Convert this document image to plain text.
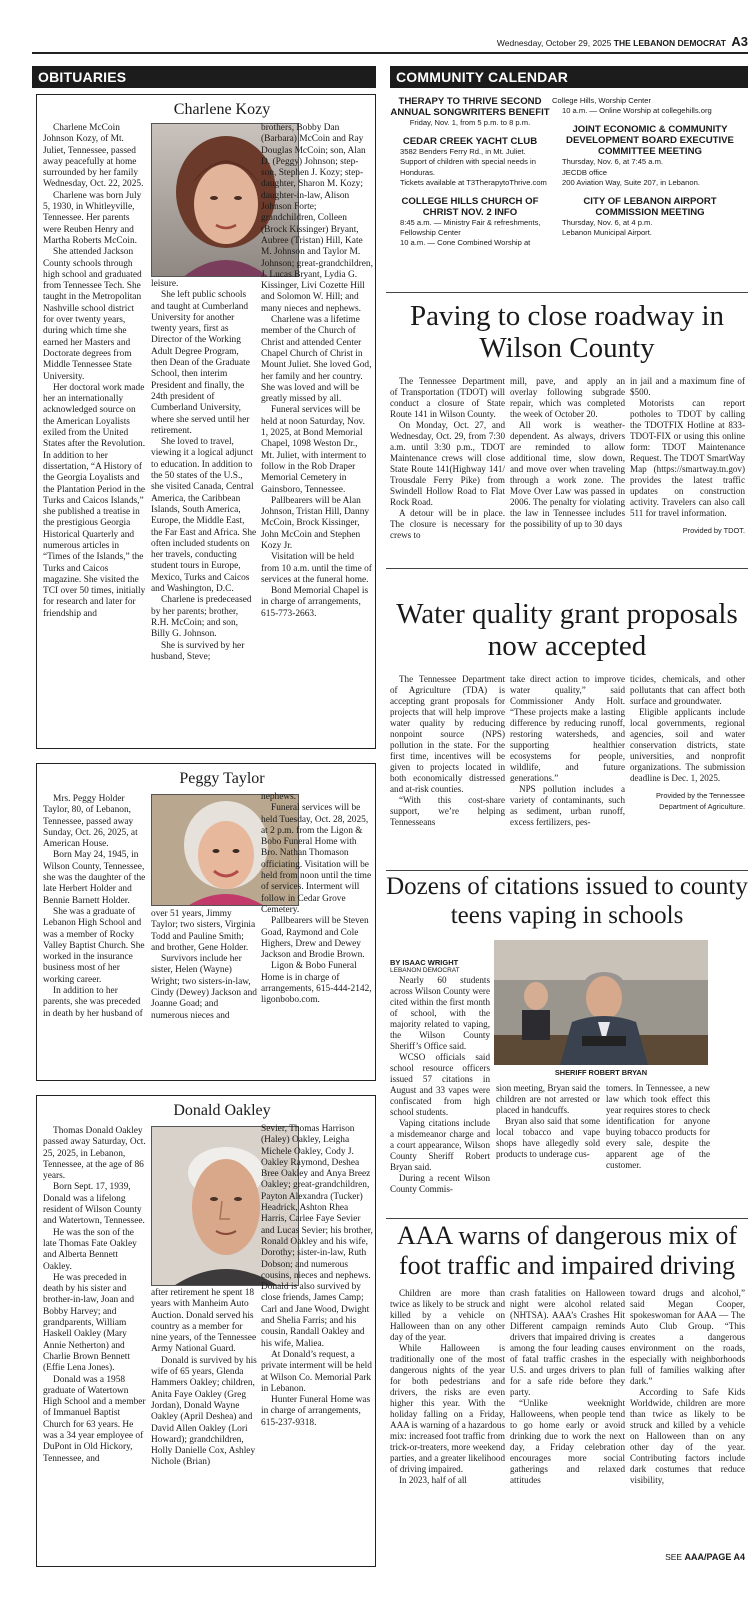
Wednesday, October 29, 2025 THE LEBANON DEMOCRAT A3
OBITUARIES	COMMUNITY CALENDAR
Charlene Kozy

Charlene McCoin Johnson Kozy, of Mt. Juliet, Tennessee, passed away peacefully at home surrounded by her family Wednesday, Oct. 22, 2025.

Charlene was born July 5, 1930, in Whitleyville, Tennessee. Her parents were Reuben Henry and Martha Roberts McCoin.

She attended Jackson County schools through high school and graduated from Tennessee Tech. She taught in the Metropolitan Nashville school district for over twenty years, during which time she earned her Masters and Doctorate degrees from Middle Tennessee State University.

Her doctoral work made her an internationally acknowledged source on the American Loyalists exiled from the United States after the Revolution. In addition to her dissertation, “A History of the Georgia Loyalists and the Plantation Period in the Turks and Caicos Islands,” she published a treatise in the prestigious Georgia Historical Quarterly and numerous articles in “Times of the Islands,” the Turks and Caicos magazine. She visited the TCI over 50 times, initially for research and later for friendship and

leisure.

She left public schools and taught at Cumberland University for another twenty years, first as Director of the Working Adult Degree Program, then Dean of the Graduate School, then interim President and finally, the 24th president of Cumberland University, where she served until her retirement.

She loved to travel, viewing it a logical adjunct to education. In addition to the 50 states of the U.S., she visited Canada, Central America, the Caribbean Islands, South America, Europe, the Middle East, the Far East and Africa. She often included students on her travels, conducting student tours in Europe, Mexico, Turks and Caicos and Washington, D.C.

Charlene is predeceased by her parents; brother, R.H. McCoin; and son, Billy G. Johnson.

She is survived by her husband, Steve;

brothers, Bobby Dan (Barbara) McCoin and Ray Douglas McCoin; son, Alan D. (Peggy) Johnson; step-son, Stephen J. Kozy; step-daughter, Sharon M. Kozy; daughter-in-law, Alison Johnson Forte; grandchildren, Colleen (Brock Kissinger) Bryant, Aubree (Tristan) Hill, Kate M. Johnson and Taylor M. Johnson; great-grandchildren, J. Lucas Bryant, Lydia G. Kissinger, Livi Cozette Hill and Solomon W. Hill; and many nieces and nephews.

Charlene was a lifetime member of the Church of Christ and attended Center Chapel Church of Christ in Mount Juliet. She loved God, her family and her country. She was loved and will be greatly missed by all.

Funeral services will be held at noon Saturday, Nov. 1, 2025, at Bond Memorial Chapel, 1098 Weston Dr., Mt. Juliet, with interment to follow in the Rob Draper Memorial Cemetery in Gainsboro, Tennessee.

Pallbearers will be Alan Johnson, Tristan Hill, Danny McCoin, Brock Kissinger, John McCoin and Stephen Kozy Jr.

Visitation will be held from 10 a.m. until the time of services at the funeral home.

Bond Memorial Chapel is in charge of arrangements, 615-773-2663.

Peggy Taylor

Mrs. Peggy Holder Taylor, 80, of Lebanon, Tennessee, passed away Sunday, Oct. 26, 2025, at American House.

Born May 24, 1945, in Wilson County, Tennessee, she was the daughter of the late Herbert Holder and Bennie Barnett Holder.

She was a graduate of Lebanon High School and was a member of Rocky Valley Baptist Church. She worked in the insurance business most of her working career.

In addition to her parents, she was preceded in death by her husband of

over 51 years, Jimmy Taylor; two sisters, Virginia Todd and Pauline Smith; and brother, Gene Holder.

Survivors include her sister, Helen (Wayne) Wright; two sisters-in-law, Cindy (Dewey) Jackson and Joanne Goad; and numerous nieces and

nephews.

Funeral services will be held Tuesday, Oct. 28, 2025, at 2 p.m. from the Ligon & Bobo Funeral Home with Bro. Nathan Thomason officiating. Visitation will be held from noon until the time of services. Interment will follow in Cedar Grove Cemetery.

Pallbearers will be Steven Goad, Raymond and Cole Highers, Drew and Dewey Jackson and Brodie Brown.

Ligon & Bobo Funeral Home is in charge of arrangements, 615-444-2142, ligonbobo.com.

Donald Oakley

Thomas Donald Oakley passed away Saturday, Oct. 25, 2025, in Lebanon, Tennessee, at the age of 86 years.

Born Sept. 17, 1939, Donald was a lifelong resident of Wilson County and Watertown, Tennessee.

He was the son of the late Thomas Fate Oakley and Alberta Bennett Oakley.

He was preceded in death by his sister and brother-in-law, Joan and Bobby Harvey; and grandparents, William Haskell Oakley (Mary Annie Netherton) and Charlie Brown Bennett (Effie Lena Jones).

Donald was a 1958 graduate of Watertown High School and a member of Immanuel Baptist Church for 63 years. He was a 34 year employee of DuPont in Old Hickory, Tennessee, and

after retirement he spent 18 years with Manheim Auto Auction. Donald served his country as a member for nine years, of the Tennessee Army National Guard.

Donald is survived by his wife of 65 years, Glenda Hammers Oakley; children, Anita Faye Oakley (Greg Jordan), Donald Wayne Oakley (April Deshea) and David Allen Oakley (Lori Howard); grandchildren, Holly Danielle Cox, Ashley Nichole (Brian)

Sevier, Thomas Harrison (Haley) Oakley, Leigha Michele Oakley, Cody J. Oakley Raymond, Deshea Bree Oakley and Anya Breez Oakley; great-grandchildren, Payton Alexandra (Tucker) Headrick, Ashton Rhea Harris, Carlee Faye Sevier and Lucas Sevier; his brother, Ronald Oakley and his wife, Dorothy; sister-in-law, Ruth Dobson; and numerous cousins, nieces and nephews. Donald is also survived by close friends, James Camp; Carl and Jane Wood, Dwight and Shelia Farris; and his cousin, Randall Oakley and his wife, Maliea.

At Donald’s request, a private interment will be held at Wilson Co. Memorial Park in Lebanon.

Hunter Funeral Home was in charge of arrangements, 615-237-9318.

THERAPY TO THRIVE SECOND ANNUAL SONGWRITERS BENEFIT
Friday, Nov. 1, from 5 p.m. to 8 p.m.
CEDAR CREEK YACHT CLUB
3582 Benders Ferry Rd., in Mt. Juliet.
Support of children with special needs in Honduras.
Tickets available at T3TherapytoThrive.com
COLLEGE HILLS CHURCH OF CHRIST NOV. 2 INFO
8:45 a.m. — Ministry Fair & refreshments, Fellowship Center
10 a.m. — Cone Combined Worship at
College Hills, Worship Center
10 a.m. — Online Worship at collegehills.org
JOINT ECONOMIC & COMMUNITY DEVELOPMENT BOARD EXECUTIVE COMMITTEE MEETING
Thursday, Nov. 6, at 7:45 a.m.
JECDB office
200 Aviation Way, Suite 207, in Lebanon.
CITY OF LEBANON AIRPORT COMMISSION MEETING
Thursday, Nov. 6, at 4 p.m.
Lebanon Municipal Airport.
Paving to close roadway in Wilson County

The Tennessee Department of Transportation (TDOT) will conduct a closure of State Route 141 in Wilson County.

On Monday, Oct. 27, and Wednesday, Oct. 29, from 7:30 a.m. until 3:30 p.m., TDOT Maintenance crews will close State Route 141(Highway 141/ Trousdale Ferry Pike) from Swindell Hollow Road to Flat Rock Road.

A detour will be in place. The closure is necessary for crews to

mill, pave, and apply an overlay following subgrade repair, which was completed the week of October 20.

All work is weather-dependent. As always, drivers are reminded to allow additional time, slow down, and move over when traveling through a work zone. The Move Over Law was passed in 2006. The penalty for violating the law in Tennessee includes the possibility of up to 30 days

in jail and a maximum fine of $500.

Motorists can report potholes to TDOT by calling the TDOTFIX Hotline at 833-TDOT-FIX or using this online form: TDOT Maintenance Request. The TDOT SmartWay Map (https://smartway.tn.gov) provides the latest traffic updates on construction activity. Travelers can also call 511 for travel information.

Provided by TDOT.
Water quality grant proposals now accepted

The Tennessee Department of Agriculture (TDA) is accepting grant proposals for projects that will help improve water quality by reducing nonpoint source (NPS) pollution in the state. For the first time, incentives will be given to projects located in both economically distressed and at-risk counties.

“With this cost-share support, we’re helping Tennesseans

take direct action to improve water quality,” said Commissioner Andy Holt. “These projects make a lasting difference by reducing runoff, restoring watersheds, and supporting healthier ecosystems for people, wildlife, and future generations.”

NPS pollution includes a variety of contaminants, such as sediment, urban runoff, excess fertilizers, pes-

ticides, chemicals, and other pollutants that can affect both surface and groundwater.

Eligible applicants include local governments, regional agencies, soil and water conservation districts, state universities, and nonprofit organizations. The submission deadline is Dec. 1, 2025.

Provided by the Tennessee Department of Agriculture.
Dozens of citations issued to county teens vaping in schools
BY ISAAC WRIGHT
LEBANON DEMOCRAT
SHERIFF ROBERT BRYAN

Nearly 60 students across Wilson County were cited within the first month of school, with the majority related to vaping, the Wilson County Sheriff’s Office said.

WCSO officials said school resource officers issued 57 citations in August and 33 vapes were confiscated from high school students.

Vaping citations include a misdemeanor charge and a court appearance, Wilson County Sheriff Robert Bryan said.

During a recent Wilson County Commis-

sion meeting, Bryan said the children are not arrested or placed in handcuffs.

Bryan also said that some local tobacco and vape shops have allegedly sold products to underage cus-

tomers. In Tennessee, a new law which took effect this year requires stores to check identification for anyone buying tobacco products for every sale, despite the apparent age of the customer.

AAA warns of dangerous mix of foot traffic and impaired driving

Children are more than twice as likely to be struck and killed by a vehicle on Halloween than on any other day of the year.

While Halloween is traditionally one of the most dangerous nights of the year for both pedestrians and drivers, the risks are even higher this year. With the holiday falling on a Friday, AAA is warning of a hazardous mix: increased foot traffic from trick-or-treaters, more weekend parties, and a greater likelihood of driving impaired.

In 2023, half of all

crash fatalities on Halloween night were alcohol related (NHTSA). AAA’s Crashes Hit Different campaign reminds drivers that impaired driving is among the four leading causes of fatal traffic crashes in the U.S. and urges drivers to plan for a safe ride before they party.

“Unlike weeknight Halloweens, when people tend to go home early or avoid drinking due to work the next day, a Friday celebration encourages more social gatherings and relaxed attitudes

toward drugs and alcohol,” said Megan Cooper, spokeswoman for AAA — The Auto Club Group. “This creates a dangerous environment on the roads, especially with neighborhoods full of families walking after dark.”

According to Safe Kids Worldwide, children are more than twice as likely to be struck and killed by a vehicle on Halloween than on any other day of the year. Contributing factors include dark costumes that reduce visibility,

SEE AAA/PAGE A4
